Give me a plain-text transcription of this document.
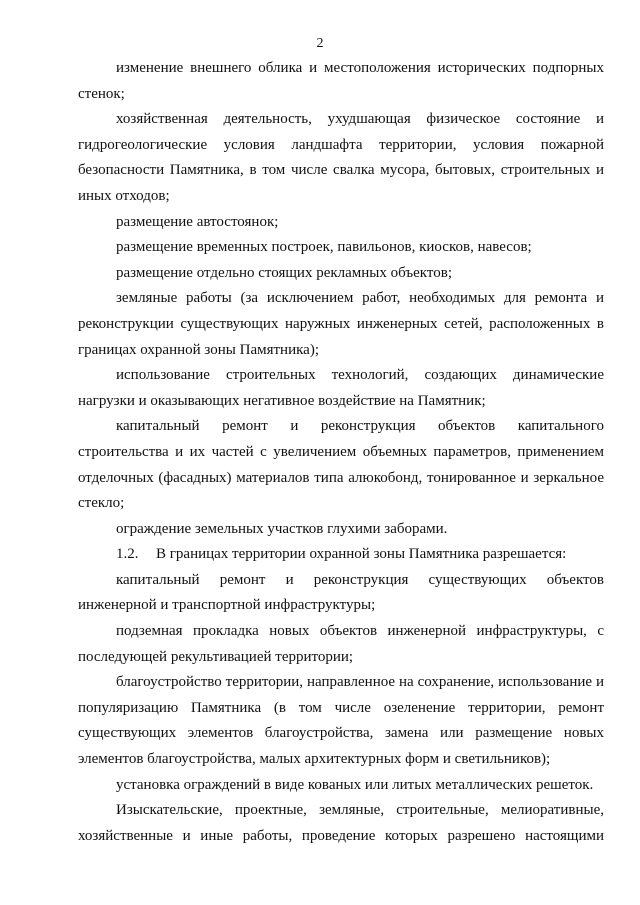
2

изменение внешнего облика и местоположения исторических подпорных стенок;

хозяйственная деятельность, ухудшающая физическое состояние и гидрогеологические условия ландшафта территории, условия пожарной безопасности Памятника, в том числе свалка мусора, бытовых, строительных и иных отходов;

размещение автостоянок;

размещение временных построек, павильонов, киосков, навесов;

размещение отдельно стоящих рекламных объектов;

земляные работы (за исключением работ, необходимых для ремонта и реконструкции существующих наружных инженерных сетей, расположенных в границах охранной зоны Памятника);

использование строительных технологий, создающих динамические нагрузки и оказывающих негативное воздействие на Памятник;

капитальный ремонт и реконструкция объектов капитального строительства и их частей с увеличением объемных параметров, применением отделочных (фасадных) материалов типа алюкобонд, тонированное и зеркальное стекло;

ограждение земельных участков глухими заборами.

1.2. В границах территории охранной зоны Памятника разрешается:

капитальный ремонт и реконструкция существующих объектов инженерной и транспортной инфраструктуры;

подземная прокладка новых объектов инженерной инфраструктуры, с последующей рекультивацией территории;

благоустройство территории, направленное на сохранение, использование и популяризацию Памятника (в том числе озеленение территории, ремонт существующих элементов благоустройства, замена или размещение новых элементов благоустройства, малых архитектурных форм и светильников);

установка ограждений в виде кованых или литых металлических решеток.

Изыскательские, проектные, земляные, строительные, мелиоративные, хозяйственные и иные работы, проведение которых разрешено настоящими
